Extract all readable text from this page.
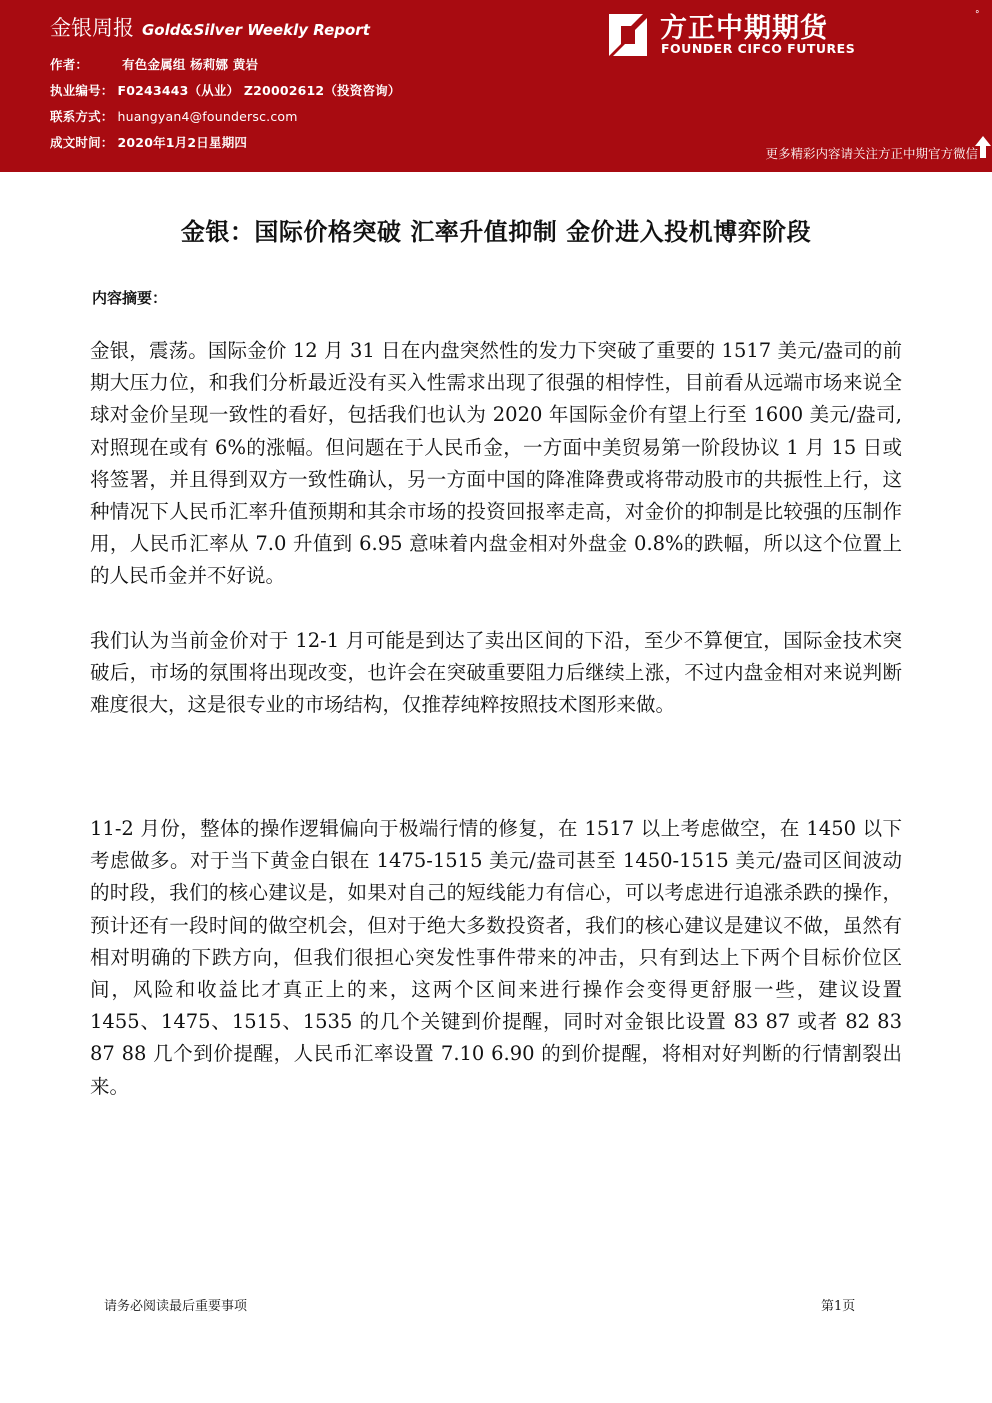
金银周报 Gold&Silver Weekly Report
作者：	有色金属组 杨莉娜 黄岩
执业编号： F0243443（从业） Z20002612（投资咨询）
联系方式： huangyan4@foundersc.com
成文时间： 2020年1月2日星期四
方正中期期货
FOUNDER CIFCO FUTURES
°
更多精彩内容请关注方正中期官方微信
金银：国际价格突破 汇率升值抑制 金价进入投机博弈阶段
内容摘要：
金银，震荡。国际金价 12 月 31 日在内盘突然性的发力下突破了重要的 1517 美元/盎司的前期大压力位，和我们分析最近没有买入性需求出现了很强的相悖性，目前看从远端市场来说全球对金价呈现一致性的看好，包括我们也认为 2020 年国际金价有望上行至 1600 美元/盎司,对照现在或有 6%的涨幅。但问题在于人民币金，一方面中美贸易第一阶段协议 1 月 15 日或将签署，并且得到双方一致性确认，另一方面中国的降准降费或将带动股市的共振性上行，这种情况下人民币汇率升值预期和其余市场的投资回报率走高，对金价的抑制是比较强的压制作用，人民币汇率从 7.0 升值到 6.95 意味着内盘金相对外盘金 0.8%的跌幅，所以这个位置上的人民币金并不好说。
我们认为当前金价对于 12-1 月可能是到达了卖出区间的下沿，至少不算便宜，国际金技术突破后，市场的氛围将出现改变，也许会在突破重要阻力后继续上涨，不过内盘金相对来说判断难度很大，这是很专业的市场结构，仅推荐纯粹按照技术图形来做。
11-2 月份，整体的操作逻辑偏向于极端行情的修复，在 1517 以上考虑做空，在 1450 以下考虑做多。对于当下黄金白银在 1475-1515 美元/盎司甚至 1450-1515 美元/盎司区间波动的时段，我们的核心建议是，如果对自己的短线能力有信心，可以考虑进行追涨杀跌的操作，预计还有一段时间的做空机会，但对于绝大多数投资者，我们的核心建议是建议不做，虽然有相对明确的下跌方向，但我们很担心突发性事件带来的冲击，只有到达上下两个目标价位区间，风险和收益比才真正上的来，这两个区间来进行操作会变得更舒服一些，建议设置 1455、1475、1515、1535 的几个关键到价提醒，同时对金银比设置 83 87 或者 82 83 87 88 几个到价提醒，人民币汇率设置 7.10 6.90 的到价提醒，将相对好判断的行情割裂出来。
请务必阅读最后重要事项	第1页
